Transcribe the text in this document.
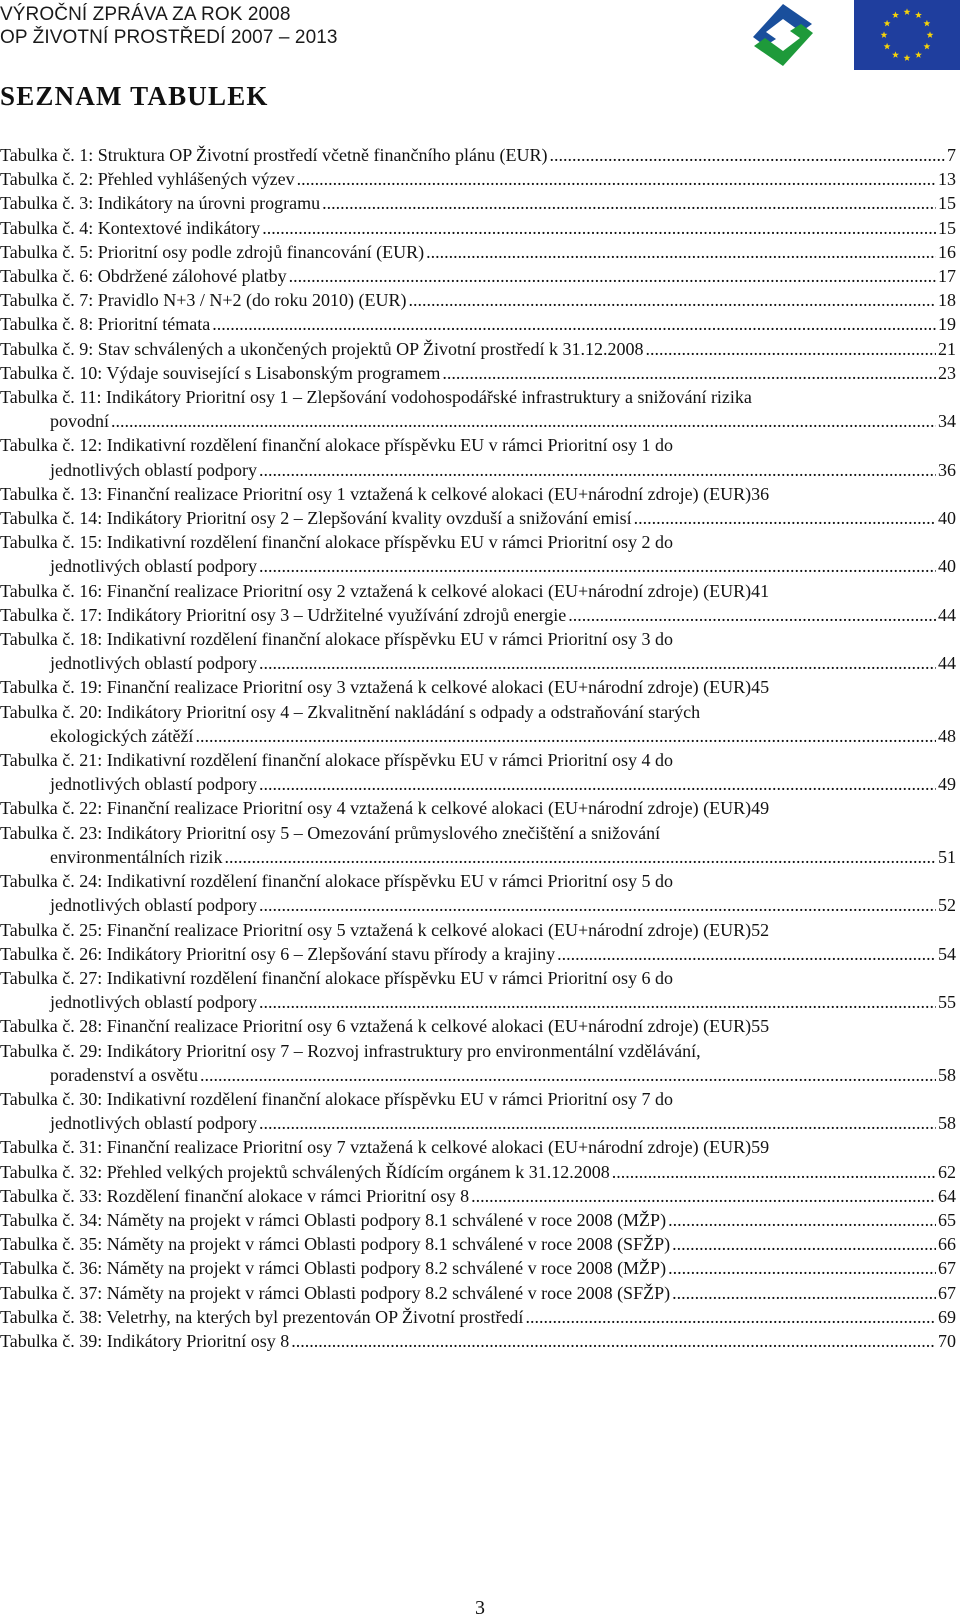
VÝROČNÍ ZPRÁVA ZA ROK 2008
OP ŽIVOTNÍ PROSTŘEDÍ 2007 – 2013
SEZNAM TABULEK
Tabulka č. 1: Struktura OP Životní prostředí včetně finančního plánu (EUR) .....	7
Tabulka č. 2: Přehled vyhlášených výzev .....	13
Tabulka č. 3: Indikátory na úrovni programu .....	15
Tabulka č. 4: Kontextové indikátory .....	15
Tabulka č. 5: Prioritní osy podle zdrojů financování (EUR) .....	16
Tabulka č. 6: Obdržené zálohové platby .....	17
Tabulka č. 7: Pravidlo N+3 / N+2 (do roku 2010) (EUR) .....	18
Tabulka č. 8: Prioritní témata .....	19
Tabulka č. 9: Stav schválených a ukončených projektů OP Životní prostředí k 31.12.2008 .....	21
Tabulka č. 10: Výdaje související s Lisabonským programem .....	23
Tabulka č. 11: Indikátory Prioritní osy 1 – Zlepšování vodohospodářské infrastruktury a snižování rizika
povodní .....	34
Tabulka č. 12: Indikativní rozdělení finanční alokace příspěvku EU v rámci Prioritní osy 1 do
jednotlivých oblastí podpory .....	36
Tabulka č. 13: Finanční realizace Prioritní osy 1 vztažená k celkové alokaci (EU+národní zdroje) (EUR) 36
Tabulka č. 14: Indikátory Prioritní osy 2 – Zlepšování kvality ovzduší a snižování emisí .....	40
Tabulka č. 15: Indikativní rozdělení finanční alokace příspěvku EU v rámci Prioritní osy 2 do
jednotlivých oblastí podpory .....	40
Tabulka č. 16: Finanční realizace Prioritní osy 2 vztažená k celkové alokaci (EU+národní zdroje) (EUR) 41
Tabulka č. 17: Indikátory Prioritní osy 3 – Udržitelné využívání zdrojů energie .....	44
Tabulka č. 18: Indikativní rozdělení finanční alokace příspěvku EU v rámci Prioritní osy 3 do
jednotlivých oblastí podpory .....	44
Tabulka č. 19: Finanční realizace Prioritní osy 3 vztažená k celkové alokaci (EU+národní zdroje) (EUR) 45
Tabulka č. 20: Indikátory Prioritní osy 4 – Zkvalitnění nakládání s odpady a odstraňování starých
ekologických zátěží .....	48
Tabulka č. 21: Indikativní rozdělení finanční alokace příspěvku EU v rámci Prioritní osy 4 do
jednotlivých oblastí podpory .....	49
Tabulka č. 22: Finanční realizace Prioritní osy 4 vztažená k celkové alokaci (EU+národní zdroje) (EUR) 49
Tabulka č. 23: Indikátory Prioritní osy 5 – Omezování průmyslového znečištění a snižování
environmentálních rizik .....	51
Tabulka č. 24: Indikativní rozdělení finanční alokace příspěvku EU v rámci Prioritní osy 5 do
jednotlivých oblastí podpory .....	52
Tabulka č. 25: Finanční realizace Prioritní osy 5 vztažená k celkové alokaci (EU+národní zdroje) (EUR) 52
Tabulka č. 26: Indikátory Prioritní osy 6 – Zlepšování stavu přírody a krajiny .....	54
Tabulka č. 27: Indikativní rozdělení finanční alokace příspěvku EU v rámci Prioritní osy 6 do
jednotlivých oblastí podpory .....	55
Tabulka č. 28: Finanční realizace Prioritní osy 6 vztažená k celkové alokaci (EU+národní zdroje) (EUR) 55
Tabulka č. 29: Indikátory Prioritní osy 7 – Rozvoj infrastruktury pro environmentální vzdělávání,
poradenství a osvětu .....	58
Tabulka č. 30: Indikativní rozdělení finanční alokace příspěvku EU v rámci Prioritní osy 7 do
jednotlivých oblastí podpory .....	58
Tabulka č. 31: Finanční realizace Prioritní osy 7 vztažená k celkové alokaci (EU+národní zdroje) (EUR) 59
Tabulka č. 32: Přehled velkých projektů schválených Řídícím orgánem k 31.12.2008 .....	62
Tabulka č. 33: Rozdělení finanční alokace v rámci Prioritní osy 8 .....	64
Tabulka č. 34: Náměty na projekt v rámci Oblasti podpory 8.1 schválené v roce 2008 (MŽP) .....	65
Tabulka č. 35: Náměty na projekt v rámci Oblasti podpory 8.1 schválené v roce 2008 (SFŽP) .....	66
Tabulka č. 36: Náměty na projekt v rámci Oblasti podpory 8.2 schválené v roce 2008 (MŽP) .....	67
Tabulka č. 37: Náměty na projekt v rámci Oblasti podpory 8.2 schválené v roce 2008 (SFŽP) .....	67
Tabulka č. 38: Veletrhy, na kterých byl prezentován OP Životní prostředí .....	69
Tabulka č. 39: Indikátory Prioritní osy 8 .....	70
3
